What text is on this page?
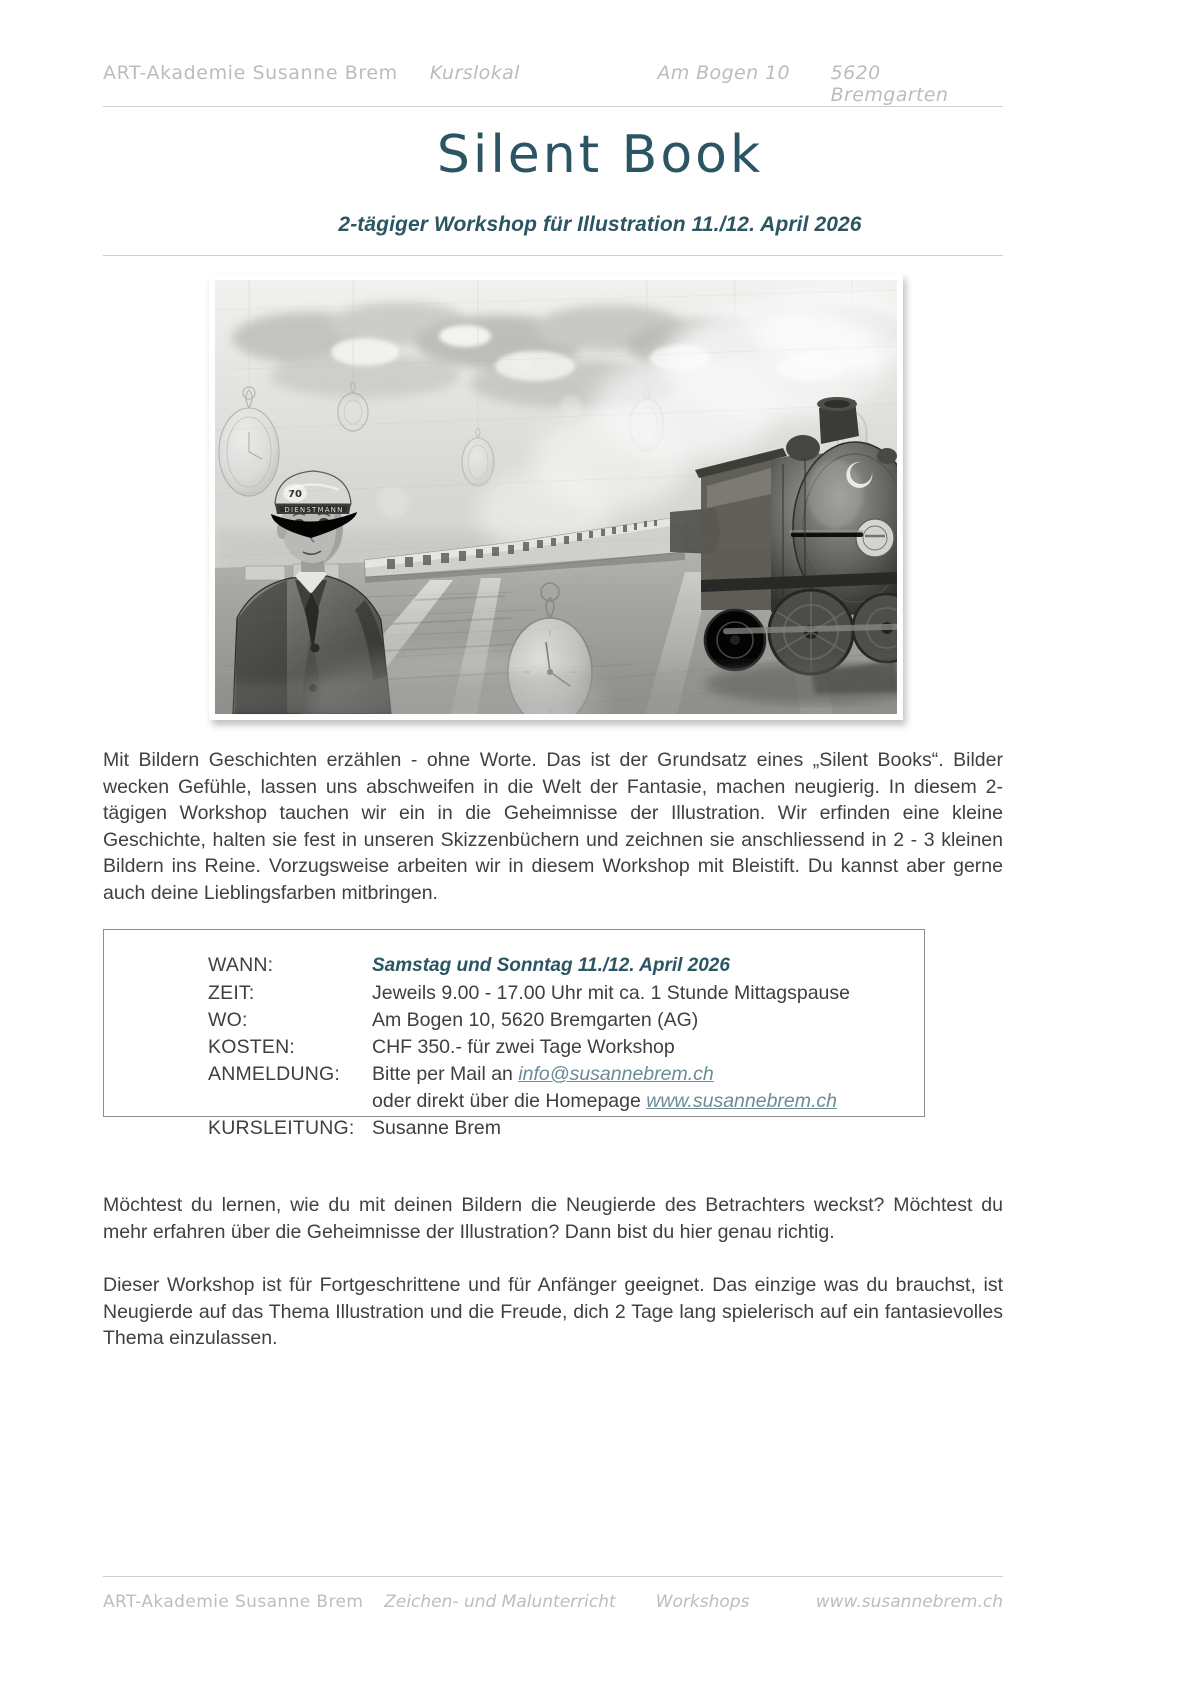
ART-Akademie Susanne Brem	Kurslokal	Am Bogen 10	5620 Bremgarten
Silent Book
2-tägiger Workshop für Illustration 11./12. April 2026
70
DIENSTMANN
Mit Bildern Geschichten erzählen - ohne Worte. Das ist der Grundsatz eines „Silent Books“. Bilder wecken Gefühle, lassen uns abschweifen in die Welt der Fantasie, machen neugierig. In diesem 2-tägigen Workshop tauchen wir ein in die Geheimnisse der Illustration. Wir erfinden eine kleine Geschichte, halten sie fest in unseren Skizzenbüchern und zeichnen sie anschliessend in 2 - 3 kleinen Bildern ins Reine. Vorzugsweise arbeiten wir in diesem Workshop mit Bleistift. Du kannst aber gerne auch deine Lieblingsfarben mitbringen.
WANN:	Samstag und Sonntag 11./12. April 2026
ZEIT:	Jeweils 9.00 - 17.00 Uhr mit ca. 1 Stunde Mittagspause
WO:	Am Bogen 10, 5620 Bremgarten (AG)
KOSTEN:	CHF 350.- für zwei Tage Workshop
ANMELDUNG:	Bitte per Mail an info@susannebrem.ch
oder direkt über die Homepage www.susannebrem.ch
KURSLEITUNG: Susanne Brem
Möchtest du lernen, wie du mit deinen Bildern die Neugierde des Betrachters weckst? Möchtest du mehr erfahren über die Geheimnisse der Illustration? Dann bist du hier genau richtig.
Dieser Workshop ist für Fortgeschrittene und für Anfänger geeignet. Das einzige was du brauchst, ist Neugierde auf das Thema Illustration und die Freude, dich 2 Tage lang spielerisch auf ein fantasievolles Thema einzulassen.
ART-Akademie Susanne Brem	Zeichen- und Malunterricht	Workshops	www.susannebrem.ch
